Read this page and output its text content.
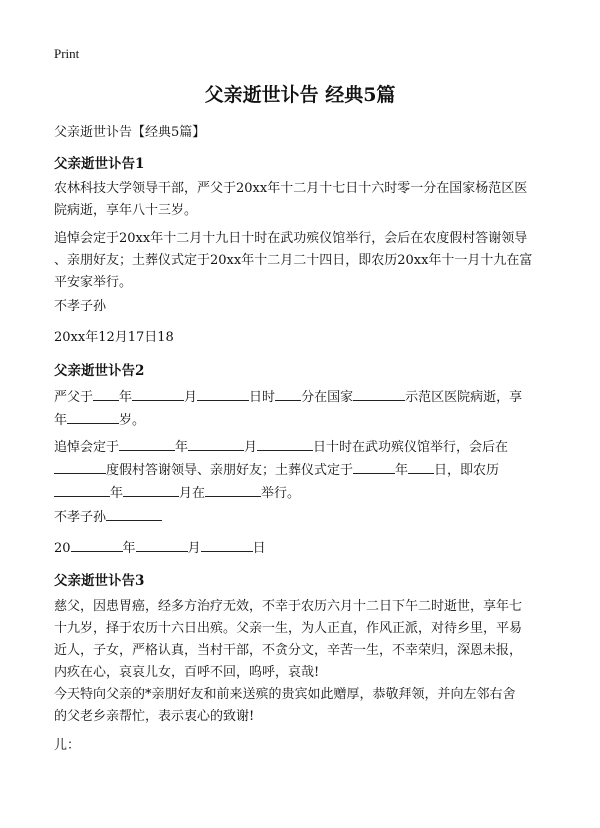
Print
父亲逝世讣告 经典5篇
父亲逝世讣告【经典5篇】
父亲逝世讣告1
农林科技大学领导干部，严父于20xx年十二月十七日十六时零一分在国家杨范区医
院病逝，享年八十三岁。
追悼会定于20xx年十二月十九日十时在武功殡仪馆举行，会后在农度假村答谢领导
、亲朋好友；土葬仪式定于20xx年十二月二十四日，即农历20xx年十一月十九在富
平安家举行。
不孝子孙
20xx年12月17日18
父亲逝世讣告2
严父于 年	月	日时 分在国家	示范区医院病逝，享
年	岁。
追悼会定于	年	月	日十时在武功殡仪馆举行，会后在
度假村答谢领导、亲朋好友；土葬仪式定于	年 日，即农历
年	月在	举行。
不孝子孙
20	年	月	日
父亲逝世讣告3
慈父，因患胃癌，经多方治疗无效，不幸于农历六月十二日下午二时逝世，享年七
十九岁，择于农历十六日出殡。父亲一生，为人正直，作风正派，对待乡里，平易
近人，子女，严格认真，当村干部，不贪分文，辛苦一生，不幸荣归，深恩未报，
内疚在心，哀哀儿女，百呼不回，呜呼，哀哉!
今天特向父亲的*亲朋好友和前来送殡的贵宾如此赠厚，恭敬拜领，并向左邻右舍
的父老乡亲帮忙，表示衷心的致谢!
儿：
